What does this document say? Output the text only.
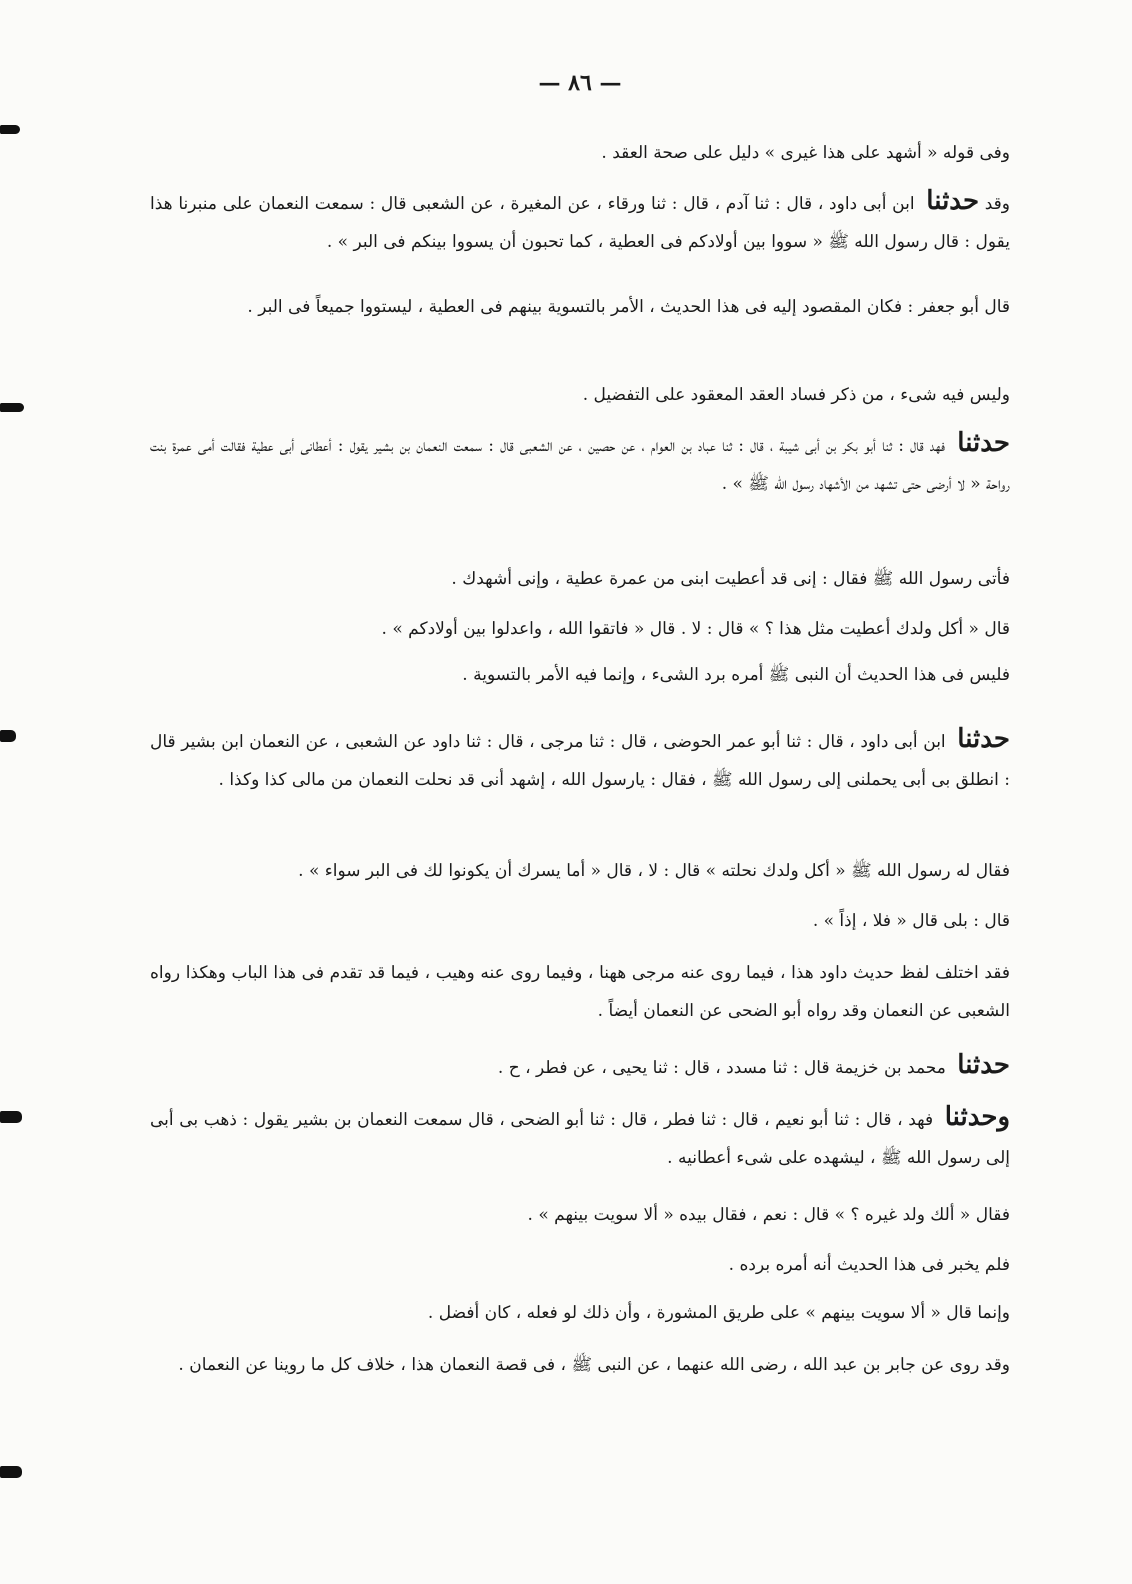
— ٨٦ —

وفى قوله « أشهد على هذا غيرى » دليل على صحة العقد .

وقد حدثنا ابن أبى داود ، قال : ثنا آدم ، قال : ثنا ورقاء ، عن المغيرة ، عن الشعبى قال : سمعت النعمان على منبرنا هذا يقول : قال رسول الله ﷺ « سووا بين أولادكم فى العطية ، كما تحبون أن يسووا بينكم فى البر » .

قال أبو جعفر : فكان المقصود إليه فى هذا الحديث ، الأمر بالتسوية بينهم فى العطية ، ليستووا جميعاً فى البر .

وليس فيه شىء ، من ذكر فساد العقد المعقود على التفضيل .

حدثنا فهد قال : ثنا أبو بكر بن أبى شيبة ، قال : ثنا عباد بن العوام ، عن حصين ، عن الشعبى قال : سمعت النعمان بن بشير يقول : أعطانى أبى عطية فقالت أمى عمرة بنت رواحة « لا أرضى حتى تشهد من الأشهاد رسول الله ﷺ » .

فأتى رسول الله ﷺ فقال : إنى قد أعطيت ابنى من عمرة عطية ، وإنى أشهدك .

قال « أكل ولدك أعطيت مثل هذا ؟ » قال : لا . قال « فاتقوا الله ، واعدلوا بين أولادكم » .

فليس فى هذا الحديث أن النبى ﷺ أمره برد الشىء ، وإنما فيه الأمر بالتسوية .

حدثنا ابن أبى داود ، قال : ثنا أبو عمر الحوضى ، قال : ثنا مرجى ، قال : ثنا داود عن الشعبى ، عن النعمان ابن بشير قال : انطلق بى أبى يحملنى إلى رسول الله ﷺ ، فقال : يارسول الله ، إشهد أنى قد نحلت النعمان من مالى كذا وكذا .

فقال له رسول الله ﷺ « أكل ولدك نحلته » قال : لا ، قال « أما يسرك أن يكونوا لك فى البر سواء » .

قال : بلى قال « فلا ، إذاً » .

فقد اختلف لفظ حديث داود هذا ، فيما روى عنه مرجى ههنا ، وفيما روى عنه وهيب ، فيما قد تقدم فى هذا الباب وهكذا رواه الشعبى عن النعمان وقد رواه أبو الضحى عن النعمان أيضاً .

حدثنا محمد بن خزيمة قال : ثنا مسدد ، قال : ثنا يحيى ، عن فطر ، ح .

وحدثنا فهد ، قال : ثنا أبو نعيم ، قال : ثنا فطر ، قال : ثنا أبو الضحى ، قال سمعت النعمان بن بشير يقول : ذهب بى أبى إلى رسول الله ﷺ ، ليشهده على شىء أعطانيه .

فقال « ألك ولد غيره ؟ » قال : نعم ، فقال بيده « ألا سويت بينهم » .

فلم يخبر فى هذا الحديث أنه أمره برده .

وإنما قال « ألا سويت بينهم » على طريق المشورة ، وأن ذلك لو فعله ، كان أفضل .

وقد روى عن جابر بن عبد الله ، رضى الله عنهما ، عن النبى ﷺ ، فى قصة النعمان هذا ، خلاف كل ما روينا عن النعمان .
